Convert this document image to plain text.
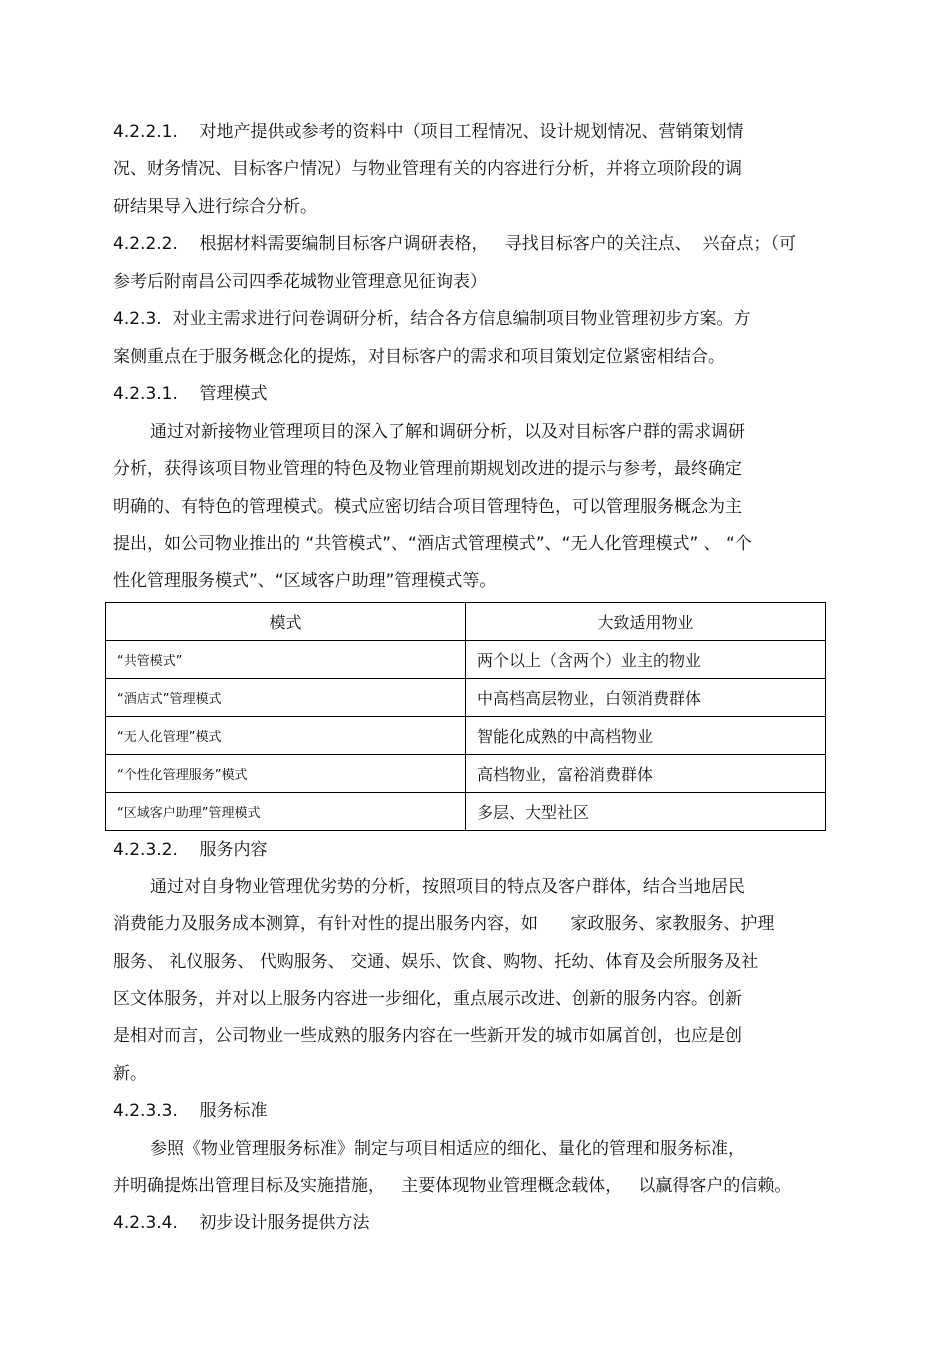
4.2.2.1.    对地产提供或参考的资料中（项目工程情况、设计规划情况、营销策划情
况、财务情况、目标客户情况）与物业管理有关的内容进行分析，并将立项阶段的调
研结果导入进行综合分析。
4.2.2.2.    根据材料需要编制目标客户调研表格，   寻找目标客户的关注点、  兴奋点；（可
参考后附南昌公司四季花城物业管理意见征询表）
4.2.3.  对业主需求进行问卷调研分析，结合各方信息编制项目物业管理初步方案。方
案侧重点在于服务概念化的提炼，对目标客户的需求和项目策划定位紧密相结合。
4.2.3.1.    管理模式
通过对新接物业管理项目的深入了解和调研分析，以及对目标客户群的需求调研
分析，获得该项目物业管理的特色及物业管理前期规划改进的提示与参考，最终确定
明确的、有特色的管理模式。模式应密切结合项目管理特色，可以管理服务概念为主
提出，如公司物业推出的 “共管模式”、“酒店式管理模式”、“无人化管理模式” 、 “个
性化管理服务模式”、“区域客户助理”管理模式等。
模式	大致适用物业
“共管模式”	两个以上（含两个）业主的物业
“酒店式”管理模式	中高档高层物业，白领消费群体
“无人化管理”模式	智能化成熟的中高档物业
“个性化管理服务”模式	高档物业，富裕消费群体
“区域客户助理”管理模式	多层、大型社区
4.2.3.2.    服务内容
通过对自身物业管理优劣势的分析，按照项目的特点及客户群体，结合当地居民
消费能力及服务成本测算，有针对性的提出服务内容，如      家政服务、家教服务、护理
服务、 礼仪服务、 代购服务、 交通、娱乐、饮食、购物、托幼、体育及会所服务及社
区文体服务，并对以上服务内容进一步细化，重点展示改进、创新的服务内容。创新
是相对而言，公司物业一些成熟的服务内容在一些新开发的城市如属首创，也应是创
新。
4.2.3.3.    服务标准
参照《物业管理服务标准》制定与项目相适应的细化、量化的管理和服务标准，
并明确提炼出管理目标及实施措施，   主要体现物业管理概念载体，   以赢得客户的信赖。
4.2.3.4.    初步设计服务提供方法
